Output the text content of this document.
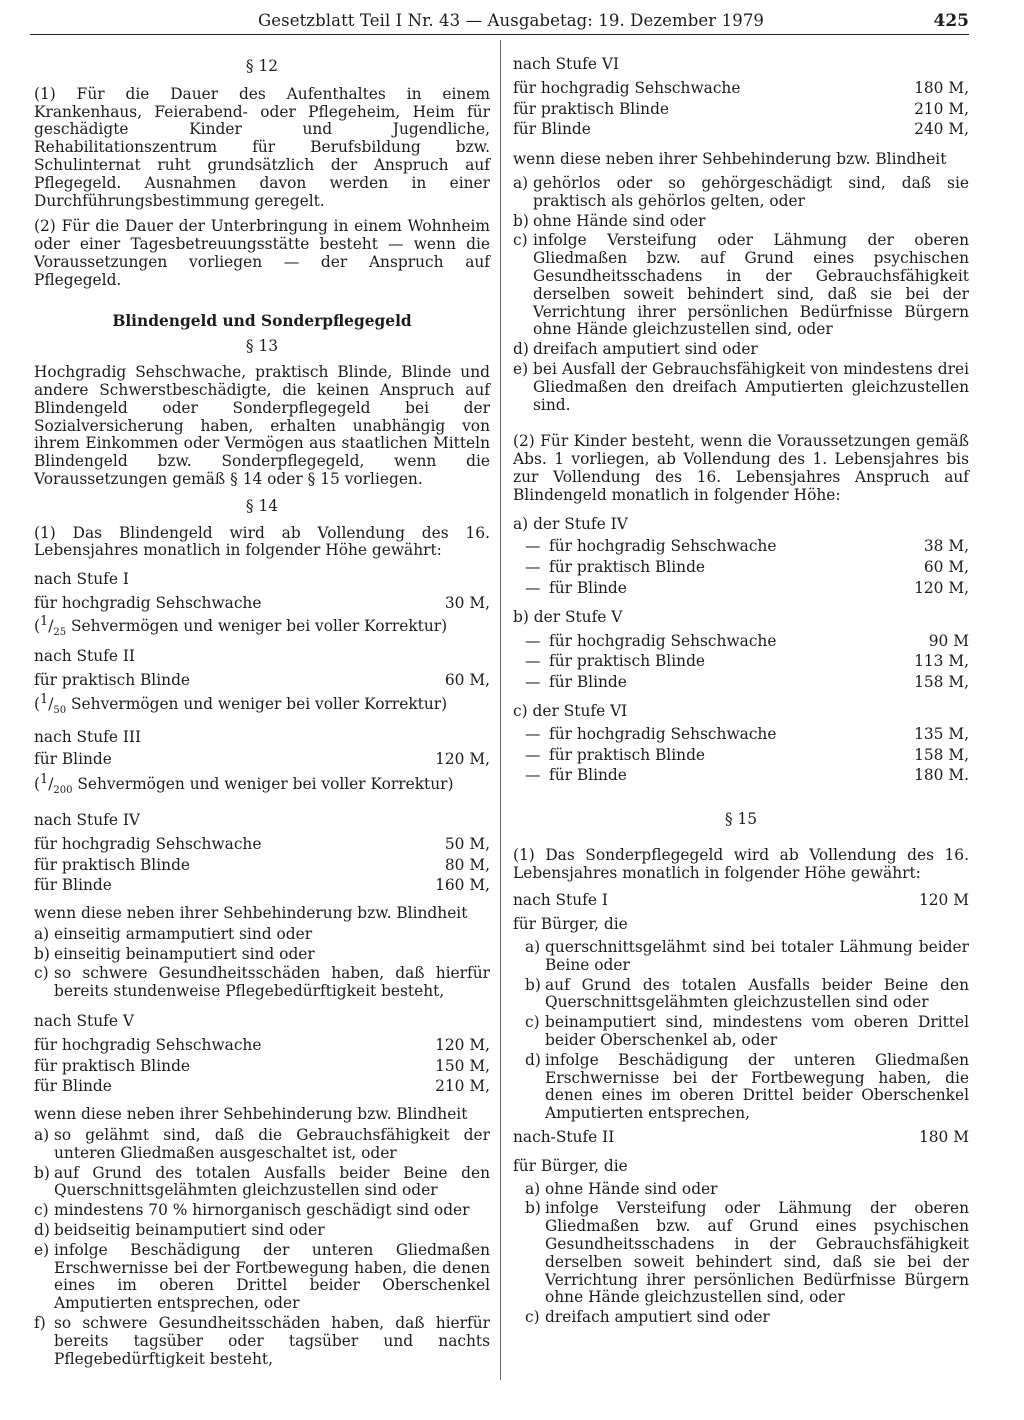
Gesetzblatt Teil I Nr. 43 — Ausgabetag: 19. Dezember 1979	425

§ 12

(1) Für die Dauer des Aufenthaltes in einem Krankenhaus, Feierabend- oder Pflegeheim, Heim für geschädigte Kinder und Jugendliche, Rehabilitationszentrum für Berufsbildung bzw. Schulinternat ruht grundsätzlich der Anspruch auf Pflegegeld. Ausnahmen davon werden in einer Durchführungsbestimmung geregelt.

(2) Für die Dauer der Unterbringung in einem Wohnheim oder einer Tagesbetreuungsstätte besteht — wenn die Voraussetzungen vorliegen — der Anspruch auf Pflegegeld.

Blindengeld und Sonderpflegegeld

§ 13

Hochgradig Sehschwache, praktisch Blinde, Blinde und andere Schwerstbeschädigte, die keinen Anspruch auf Blindengeld oder Sonderpflegegeld bei der Sozialversicherung haben, erhalten unabhängig von ihrem Einkommen oder Vermögen aus staatlichen Mitteln Blindengeld bzw. Sonderpflegegeld, wenn die Voraussetzungen gemäß § 14 oder § 15 vorliegen.

§ 14

(1) Das Blindengeld wird ab Vollendung des 16. Lebensjahres monatlich in folgender Höhe gewährt:

nach Stufe I

für hochgradig Sehschwache	30 M,

($^1/_{25}$ Sehvermögen und weniger bei voller Korrektur)

nach Stufe II

für praktisch Blinde	60 M,

($^1/_{50}$ Sehvermögen und weniger bei voller Korrektur)

nach Stufe III

für Blinde	120 M,

($^1/_{200}$ Sehvermögen und weniger bei voller Korrektur)

nach Stufe IV

für hochgradig Sehschwache	50 M,
für praktisch Blinde	80 M,
für Blinde	160 M,

wenn diese neben ihrer Sehbehinderung bzw. Blindheit

a) einseitig armamputiert sind oder
b) einseitig beinamputiert sind oder
c) so schwere Gesundheitsschäden haben, daß hierfür bereits stundenweise Pflegebedürftigkeit besteht,

nach Stufe V

für hochgradig Sehschwache	120 M,
für praktisch Blinde	150 M,
für Blinde	210 M,

wenn diese neben ihrer Sehbehinderung bzw. Blindheit

a) so gelähmt sind, daß die Gebrauchsfähigkeit der unteren Gliedmaßen ausgeschaltet ist, oder
b) auf Grund des totalen Ausfalls beider Beine den Querschnittsgelähmten gleichzustellen sind oder
c) mindestens 70 % hirnorganisch geschädigt sind oder
d) beidseitig beinamputiert sind oder
e) infolge Beschädigung der unteren Gliedmaßen Erschwernisse bei der Fortbewegung haben, die denen eines im oberen Drittel beider Oberschenkel Amputierten entsprechen, oder
f) so schwere Gesundheitsschäden haben, daß hierfür bereits tagsüber oder tagsüber und nachts Pflegebedürftigkeit besteht,

nach Stufe VI

für hochgradig Sehschwache	180 M,
für praktisch Blinde	210 M,
für Blinde	240 M,

wenn diese neben ihrer Sehbehinderung bzw. Blindheit

a) gehörlos oder so gehörgeschädigt sind, daß sie praktisch als gehörlos gelten, oder
b) ohne Hände sind oder
c) infolge Versteifung oder Lähmung der oberen Gliedmaßen bzw. auf Grund eines psychischen Gesundheitsschadens in der Gebrauchsfähigkeit derselben soweit behindert sind, daß sie bei der Verrichtung ihrer persönlichen Bedürfnisse Bürgern ohne Hände gleichzustellen sind, oder
d) dreifach amputiert sind oder
e) bei Ausfall der Gebrauchsfähigkeit von mindestens drei Gliedmaßen den dreifach Amputierten gleichzustellen sind.

(2) Für Kinder besteht, wenn die Voraussetzungen gemäß Abs. 1 vorliegen, ab Vollendung des 1. Lebensjahres bis zur Vollendung des 16. Lebensjahres Anspruch auf Blindengeld monatlich in folgender Höhe:

a) der Stufe IV

— für hochgradig Sehschwache	38 M,
— für praktisch Blinde	60 M,
— für Blinde	120 M,

b) der Stufe V

— für hochgradig Sehschwache	90 M
— für praktisch Blinde	113 M,
— für Blinde	158 M,

c) der Stufe VI

— für hochgradig Sehschwache	135 M,
— für praktisch Blinde	158 M,
— für Blinde	180 M.

§ 15

(1) Das Sonderpflegegeld wird ab Vollendung des 16. Lebensjahres monatlich in folgender Höhe gewährt:

nach Stufe I	120 M

für Bürger, die

a) querschnittsgelähmt sind bei totaler Lähmung beider Beine oder
b) auf Grund des totalen Ausfalls beider Beine den Querschnittsgelähmten gleichzustellen sind oder
c) beinamputiert sind, mindestens vom oberen Drittel beider Oberschenkel ab, oder
d) infolge Beschädigung der unteren Gliedmaßen Erschwernisse bei der Fortbewegung haben, die denen eines im oberen Drittel beider Oberschenkel Amputierten entsprechen,
nach-Stufe II	180 M

für Bürger, die

a) ohne Hände sind oder
b) infolge Versteifung oder Lähmung der oberen Gliedmaßen bzw. auf Grund eines psychischen Gesundheitsschadens in der Gebrauchsfähigkeit derselben soweit behindert sind, daß sie bei der Verrichtung ihrer persönlichen Bedürfnisse Bürgern ohne Hände gleichzustellen sind, oder
c) dreifach amputiert sind oder
